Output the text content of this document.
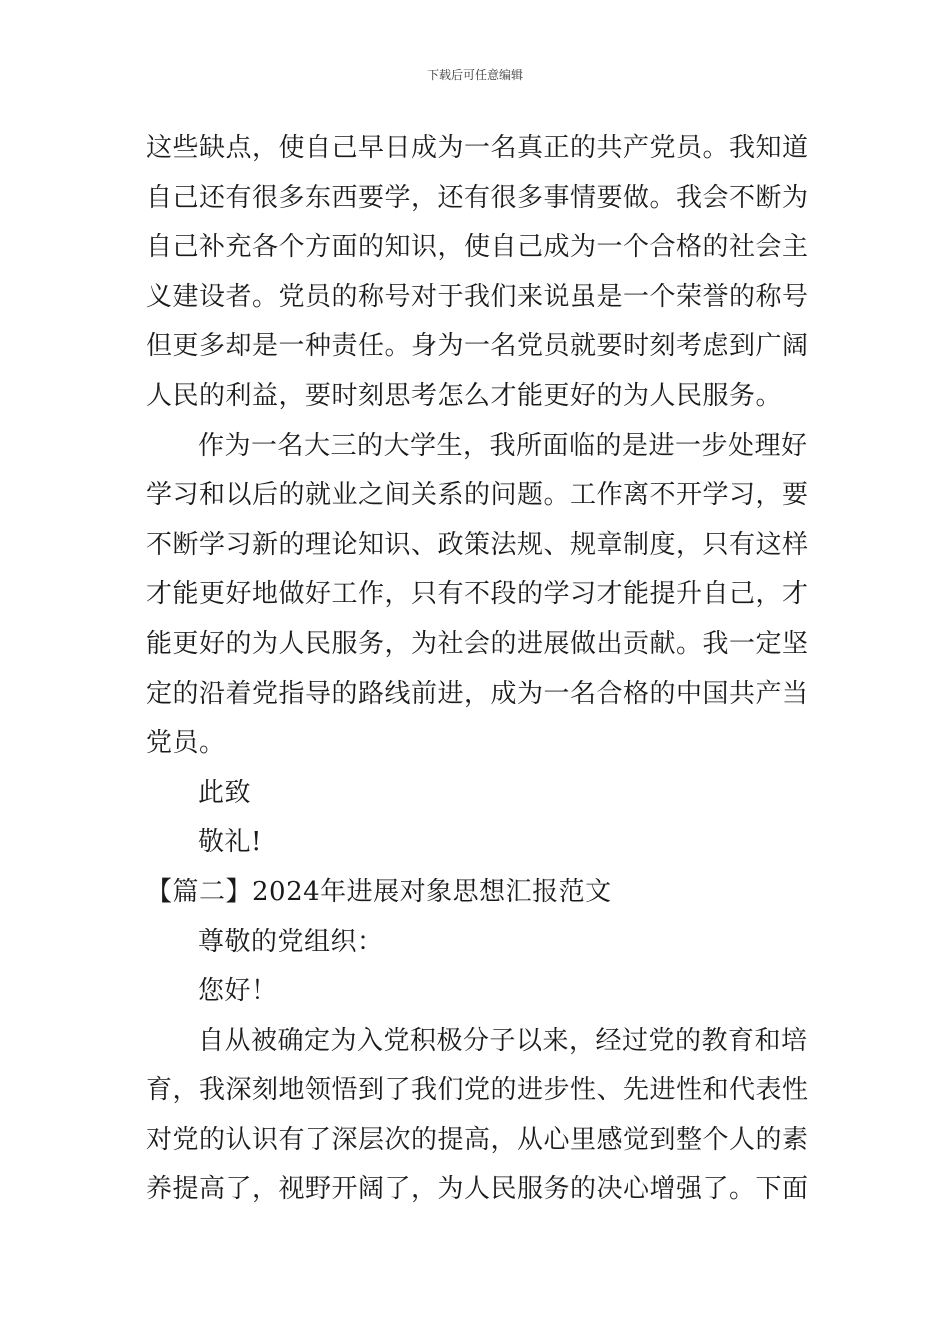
下载后可任意编辑
这些缺点，使自己早日成为一名真正的共产党员。我知道
自己还有很多东西要学，还有很多事情要做。我会不断为
自己补充各个方面的知识，使自己成为一个合格的社会主
义建设者。党员的称号对于我们来说虽是一个荣誉的称号
但更多却是一种责任。身为一名党员就要时刻考虑到广阔
人民的利益，要时刻思考怎么才能更好的为人民服务。
作为一名大三的大学生，我所面临的是进一步处理好
学习和以后的就业之间关系的问题。工作离不开学习，要
不断学习新的理论知识、政策法规、规章制度，只有这样
才能更好地做好工作，只有不段的学习才能提升自己，才
能更好的为人民服务，为社会的进展做出贡献。我一定坚
定的沿着党指导的路线前进，成为一名合格的中国共产当
党员。
此致
敬礼!
【篇二】2024年进展对象思想汇报范文
尊敬的党组织：
您好！
自从被确定为入党积极分子以来，经过党的教育和培
育，我深刻地领悟到了我们党的进步性、先进性和代表性
对党的认识有了深层次的提高，从心里感觉到整个人的素
养提高了，视野开阔了，为人民服务的决心增强了。下面
